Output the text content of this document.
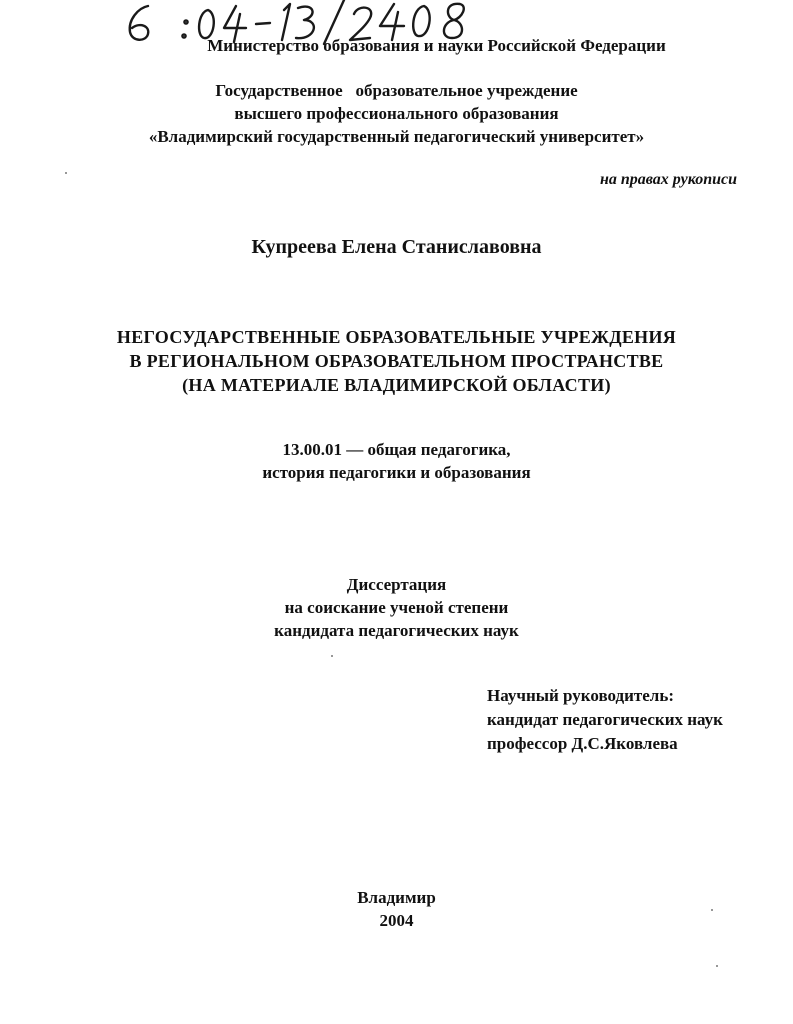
Министерство образования и науки Российской Федерации
Государственное   образовательное учреждение
высшего профессионального образования
«Владимирский государственный педагогический университет»
на правах рукописи
Купреева Елена Станиславовна
НЕГОСУДАРСТВЕННЫЕ ОБРАЗОВАТЕЛЬНЫЕ УЧРЕЖДЕНИЯ
В РЕГИОНАЛЬНОМ ОБРАЗОВАТЕЛЬНОМ ПРОСТРАНСТВЕ
(НА МАТЕРИАЛЕ ВЛАДИМИРСКОЙ ОБЛАСТИ)
13.00.01 — общая педагогика,
история педагогики и образования
Диссертация
на соискание ученой степени
кандидата педагогических наук
Научный руководитель:
кандидат педагогических наук
профессор Д.С.Яковлева
Владимир
2004
